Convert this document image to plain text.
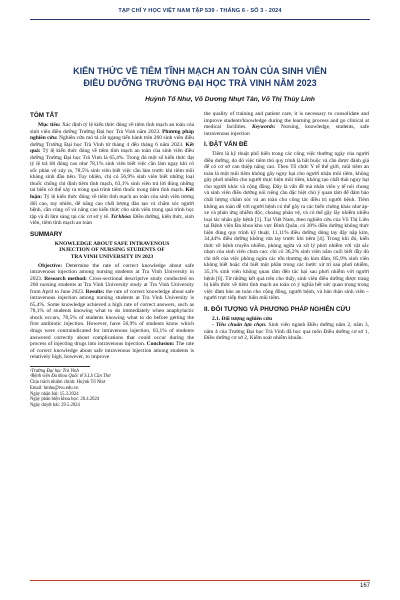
TẠP CHÍ Y HỌC VIỆT NAM TẬP 539 - THÁNG 6 - SỐ 3 - 2024
KIẾN THỨC VỀ TIÊM TĨNH MẠCH AN TOÀN CỦA SINH VIÊN
ĐIỀU DƯỠNG TRƯỜNG ĐẠI HỌC TRÀ VINH NĂM 2023
Huỳnh Tố Như, Võ Dương Nhựt Tân, Võ Thị Thùy Linh
TÓM TẮT

Mục tiêu: Xác định tỷ lệ kiến thức đúng về tiêm tĩnh mạch an toàn của sinh viên điều dưỡng Trường Đại học Trà Vinh năm 2023. Phương pháp nghiên cứu: Nghiên cứu mô tả cắt ngang tiến hành trên 260 sinh viên điều dưỡng Trường Đại học Trà Vinh từ tháng 4 đến tháng 6 năm 2023. Kết quả: Tỷ lệ kiến thức đúng về tiêm tĩnh mạch an toàn của sinh viên điều dưỡng Trường Đại học Trà Vinh là 65,4%. Trong đó một số kiến thức đạt tỷ lệ trả lời đúng cao như 78,1% sinh viên biết việc cần làm ngay khi có sốc phản vệ xảy ra, 78,5% sinh viên biết việc cần làm trước khi tiêm mũi kháng sinh đầu tiên. Tuy nhiên, chỉ có 56,9% sinh viên biết những loại thuốc chống chỉ định tiêm tĩnh mạch, 63,1% sinh viên trả lời đúng những tai biến có thể xảy ra trong quá trình tiêm thuốc trong tiêm tĩnh mạch. Kết luận: Tỷ lệ kiến thức đúng về tiêm tĩnh mạch an toàn của sinh viên tương đối cao, tuy nhiên, để nâng cao chất lượng đào tạo và chăm sóc người bệnh, cần củng cố và nâng cao kiến thức cho sinh viên trong quá trình học tập và đi lâm sàng tại các cơ sở y tế. Từ khóa: Điều dưỡng, kiến thức, sinh viên, tiêm tĩnh mạch an toàn

SUMMARY
KNOWLEDGE ABOUT SAFE INTRAVENOUS
INJECTION OF NURSING STUDENTS OF
TRA VINH UNIVERSITY IN 2023

Objective: Determine the rate of correct knowledge about safe intravenous injection among nursing students at Tra Vinh University in 2023. Research method: Cross-sectional descriptive study conducted on 260 nursing students at Tra Vinh University study at Tra Vinh University from April to June 2023. Results: the rate of correct knowledge about safe intravenous injection among nursing students at Tra Vinh University is 65,4%. Some knowledge achieved a high rate of correct answers, such as 78,1% of students knowing what to do immediately when anaphylactic shock occurs, 78,5% of students knowing what to do before getting the first antibiotic injection. However, have 56,9% of students know which drugs were contraindicated for intravenous injection, 63,1% of students answered correctly about complications that could occur during the process of injecting drugs into intravenous injection. Conclusion: The rate of correct knowledge about safe intravenous injection among students is relatively high, however, to improve

¹Trường Đại học Trà Vinh

²Bệnh viện Đa khoa Quốc tế S.I.S Cần Thơ

Chịu trách nhiệm chính: Huỳnh Tố Như

Email: htnhu@tvu.edu.vn

Ngày nhận bài: 15.3.2024

Ngày phản biện khoa học: 26.4.2024

Ngày duyệt bài: 29.5.2024

the quality of training and patient care, it is necessary to consolidate and improve students'knowledge during the learning process and go clinical at medical facilities. Keywords: Nursing, knowledge, students, safe intravenous injection

I. ĐẶT VẤN ĐỀ

Tiêm là kỹ thuật phổ biến trong các công việc thường ngày của người điều dưỡng, do đó việc tiêm thủ quy trình là bắt buộc và cần được đánh giá để có cơ sở can thiệp nâng cao. Theo Tổ chức Y tế thế giới, mũi tiêm an toàn là một mũi tiêm không gây nguy hại cho người nhận mũi tiêm, không gây phơi nhiễm cho người thực hiện mũi tiêm, không tạo chất thải nguy hại cho người khác và cộng đồng. Đây là vấn đề mà nhân viên y tế nói chung và sinh viên điều dưỡng nói riêng cần đặc biệt chú ý quan tâm để đảm bảo chất lượng chăm sóc và an toàn cho công tác điều trị người bệnh. Tiêm không an toàn dễ với người bệnh có thể gây ra các biến chứng khác như áp-xe và phản ứng nhiễm độc, choáng phản vệ, và có thể gây lây nhiễm nhiều loại tác nhân gây bệnh [1]. Tại Việt Nam, theo nghiên cứu của Vũ Thị Liên tại Bệnh viện Đa khoa khu vực Bình Quân, có 30% điều dưỡng không thực hiện đúng quy trình kỹ thuật, 11,11% điều dưỡng dùng tay đậy nắp kim, 34,44% điều dưỡng không rửa tay trước khi tiêm [4]. Trong khi đó, kiến thức về bệnh truyền nhiễm, phòng ngừa và xử lý phơi nhiễm với vật sắc nhọn của sinh viên chưa cao: chỉ có 36,2% sinh viên nắm cuối biết đầy đủ chi tiết của việc phòng ngừa các tổn thương do kim đâm, 85,9% sinh viên không biết hoặc chỉ biết một phần trong các bước xử trí sau phơi nhiễm, 35,1% sinh viên không quan tâm đến tác hại sau phơi nhiễm với người bệnh [6]. Từ những kết quả trên cho thấy, sinh viên điều dưỡng được trang bị kiến thức về tiêm tĩnh mạch an toàn có ý nghĩa hết sức quan trọng trong việc đảm bảo an toàn cho cộng đồng, người bệnh, và bản thân sinh viên – người trực tiếp thực hiện mũi tiêm.

II. ĐỐI TƯỢNG VÀ PHƯƠNG PHÁP NGHIÊN CỨU

2.1. Đối tượng nghiên cứu

- Tiêu chuẩn lựa chọn. Sinh viên ngành Điều dưỡng năm 2, năm 3, năm 4 của Trường Đại học Trà Vinh đã học qua môn Điều dưỡng cơ sở 1, Điều dưỡng cơ sở 2, Kiểm soát nhiễm khuẩn.

167
